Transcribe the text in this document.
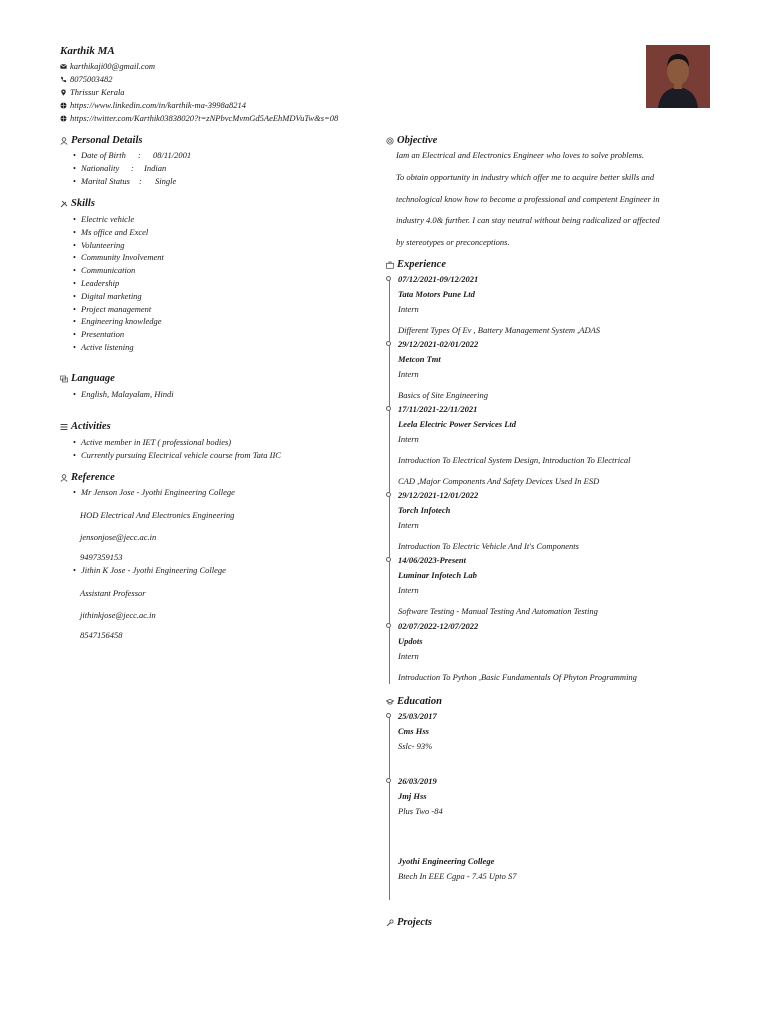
Karthik MA
karthikaji00@gmail.com
8075003482
Thrissur Kerala
https://www.linkedin.com/in/karthik-ma-3998a8214
https://twitter.com/Karthik03838020?t=zNPbvcMvmGd5AeEhMDVuTw&s=08
Personal Details
• Date of Birth : 08/11/2001
• Nationality : Indian
• Marital Status : Single
Skills
• Electric vehicle
• Ms office and Excel
• Volunteering
• Community Involvement
• Communication
• Leadership
• Digital marketing
• Project management
• Engineering knowledge
• Presentation
• Active listening
Language
• English, Malayalam, Hindi
Activities
• Active member in IET ( professional bodies)
• Currently pursuing Electrical vehicle course from Tata IIC
Reference
• Mr Jenson Jose - Jyothi Engineering College
HOD Electrical And Electronics Engineering
jensonjose@jecc.ac.in
9497359153
• Jithin K Jose - Jyothi Engineering College
Assistant Professor
jithinkjose@jecc.ac.in
8547156458
Objective
Iam an Electrical and Electronics Engineer who loves to solve problems.
To obtain opportunity in industry which offer me to acquire better skills and
technological know how to become a professional and competent Engineer in
industry 4.0& further. I can stay neutral without being radicalized or affected
by stereotypes or preconceptions.
Experience
07/12/2021-09/12/2021
Tata Motors Pune Ltd
Intern
Different Types Of Ev , Battery Management System ,ADAS
29/12/2021-02/01/2022
Metcon Tmt
Intern
Basics of Site Engineering
17/11/2021-22/11/2021
Leela Electric Power Services Ltd
Intern
Introduction To Electrical System Design, Introduction To Electrical
CAD ,Major Components And Safety Devices Used In ESD
29/12/2021-12/01/2022
Torch Infotech
Intern
Introduction To Electric Vehicle And It's Components
14/06/2023-Present
Luminar Infotech Lab
Intern
Software Testing - Manual Testing And Automation Testing
02/07/2022-12/07/2022
Updots
Intern
Introduction To Python ,Basic Fundamentals Of Phyton Programming
Education
25/03/2017
Cms Hss
Sslc- 93%
26/03/2019
Jmj Hss
Plus Two -84
Jyothi Engineering College
Btech In EEE Cgpa - 7.45 Upto S7
Projects
